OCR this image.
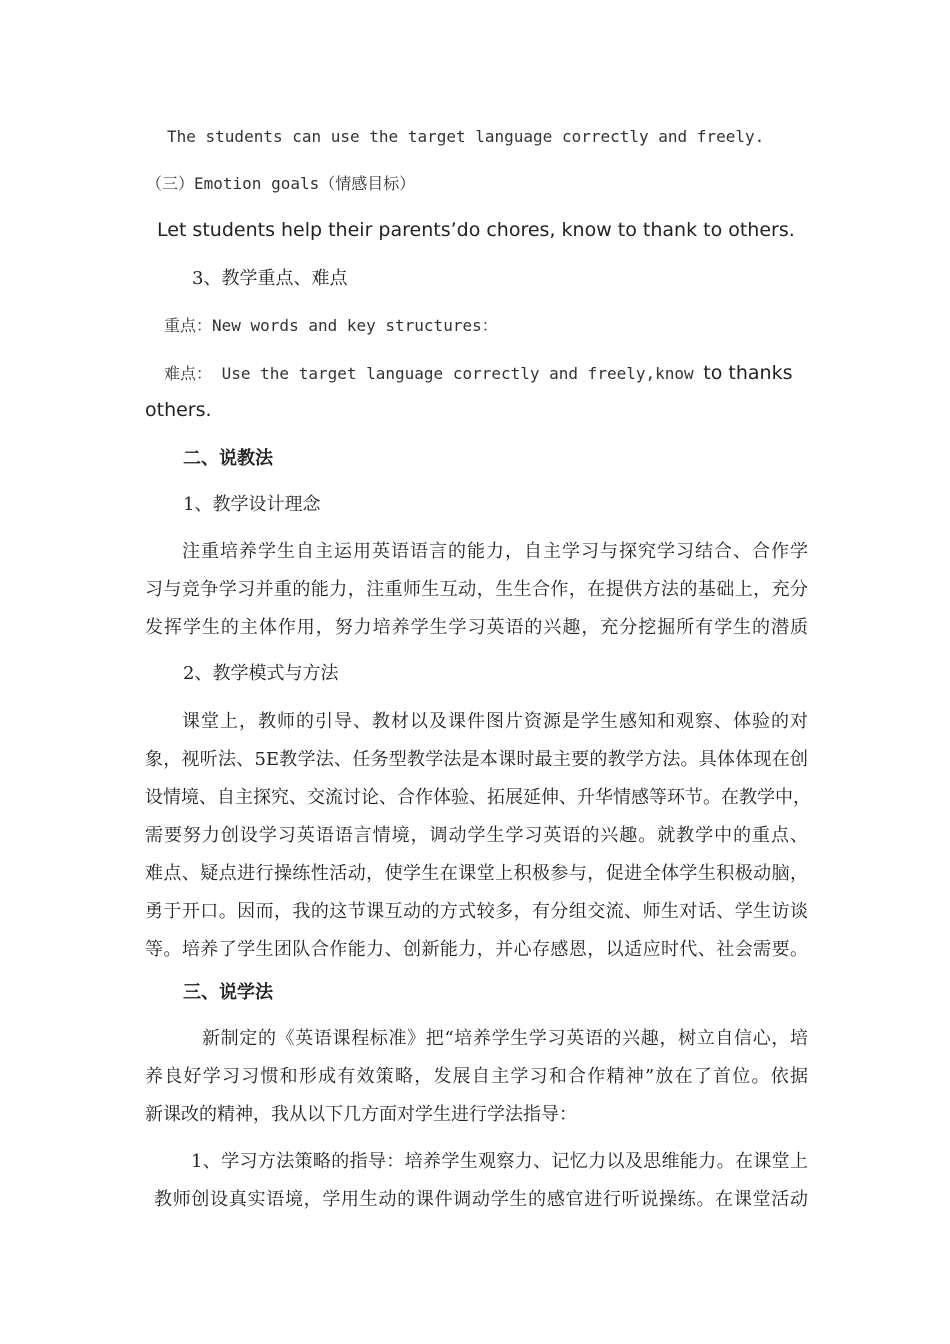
The students can use the target language correctly and freely.
（三）Emotion goals（情感目标）
Let students help their parents’do chores, know to thank to others.
3、教学重点、难点
重点：New words and key structures：
难点： Use the target language correctly and freely,know to thanks
others.
二、说教法
1、教学设计理念
注重培养学生自主运用英语语言的能力，自主学习与探究学习结合、合作学
习与竞争学习并重的能力，注重师生互动，生生合作，在提供方法的基础上，充分
发挥学生的主体作用，努力培养学生学习英语的兴趣，充分挖掘所有学生的潜质
2、教学模式与方法
课堂上，教师的引导、教材以及课件图片资源是学生感知和观察、体验的对
象，视听法、5E教学法、任务型教学法是本课时最主要的教学方法。具体体现在创
设情境、自主探究、交流讨论、合作体验、拓展延伸、升华情感等环节。在教学中，
需要努力创设学习英语语言情境，调动学生学习英语的兴趣。就教学中的重点、
难点、疑点进行操练性活动，使学生在课堂上积极参与，促进全体学生积极动脑，
勇于开口。因而，我的这节课互动的方式较多，有分组交流、师生对话、学生访谈
等。培养了学生团队合作能力、创新能力，并心存感恩，以适应时代、社会需要。
三、说学法
新制定的《英语课程标准》把“培养学生学习英语的兴趣，树立自信心，培
养良好学习习惯和形成有效策略，发展自主学习和合作精神”放在了首位。依据
新课改的精神，我从以下几方面对学生进行学法指导：
1、学习方法策略的指导：培养学生观察力、记忆力以及思维能力。在课堂上
教师创设真实语境，学用生动的课件调动学生的感官进行听说操练。在课堂活动
